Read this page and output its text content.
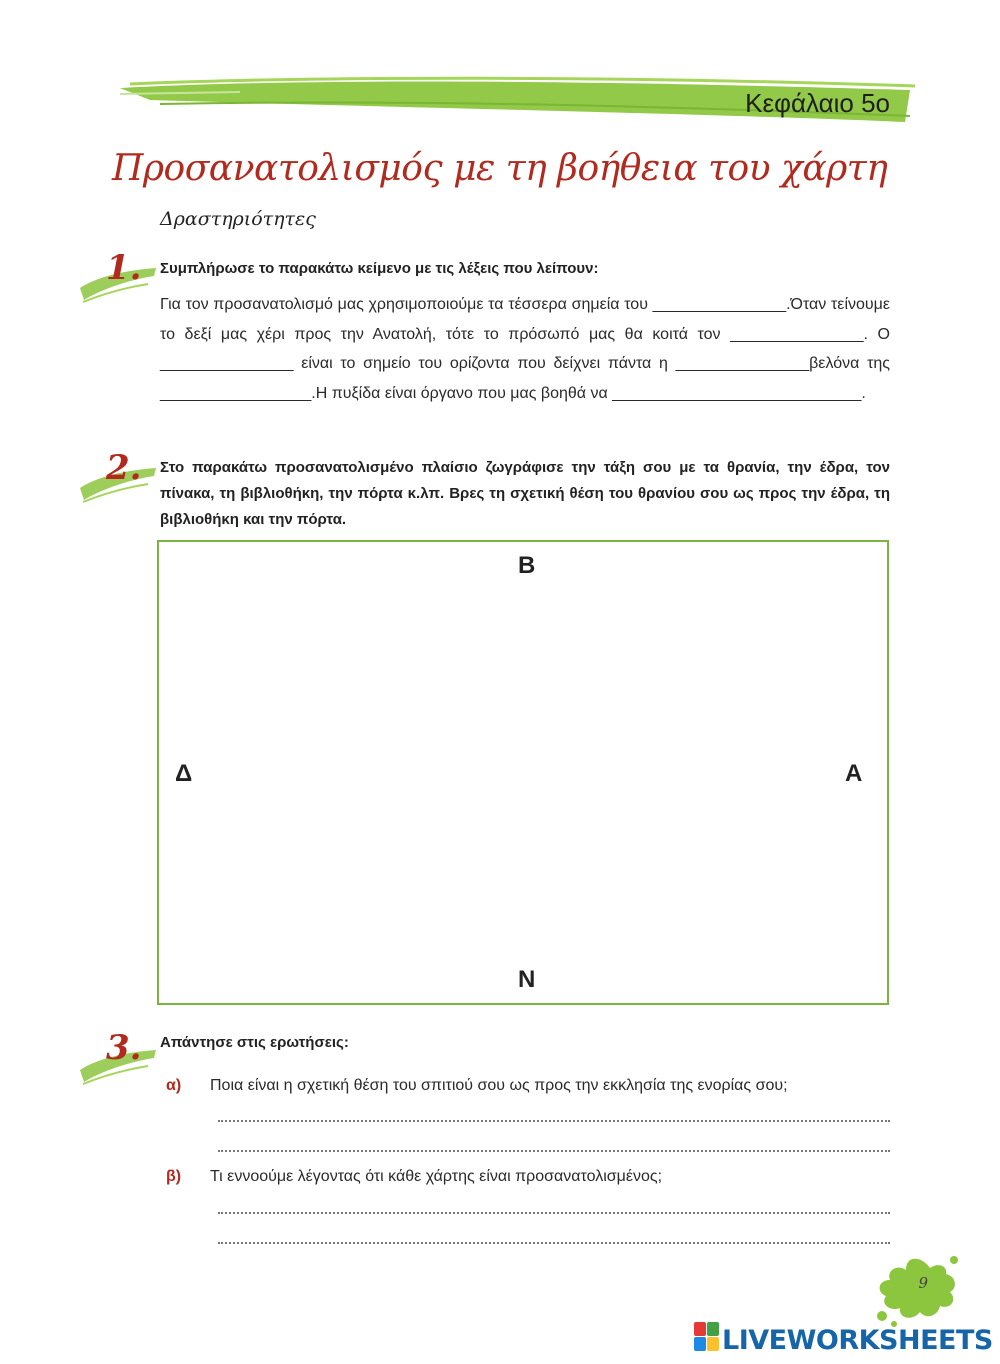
Κεφάλαιο 5ο
Προσανατολισμός με τη βοήθεια του χάρτη
Δραστηριότητες
1. Συμπλήρωσε το παρακάτω κείμενο με τις λέξεις που λείπουν:
Για τον προσανατολισμό μας χρησιμοποιούμε τα τέσσερα σημεία του _______________.Όταν τείνουμε το δεξί μας χέρι προς την Ανατολή, τότε το πρόσωπό μας θα κοιτά τον _______________. Ο _______________ είναι το σημείο του ορίζοντα που δείχνει πάντα η _______________βελόνα της _________________.Η πυξίδα είναι όργανο που μας βοηθά να ____________________________.
2. Στο παρακάτω προσανατολισμένο πλαίσιο ζωγράφισε την τάξη σου με τα θρανία, την έδρα, τον πίνακα, τη βιβλιοθήκη, την πόρτα κ.λπ. Βρες τη σχετική θέση του θρανίου σου ως προς την έδρα, τη βιβλιοθήκη και την πόρτα.
Β
Ν
Α
Δ
3. Απάντησε στις ερωτήσεις:
α) Ποια είναι η σχετική θέση του σπιτιού σου ως προς την εκκλησία της ενορίας σου;
β) Τι εννοούμε λέγοντας ότι κάθε χάρτης είναι προσανατολισμένος;
9
LIVEWORKSHEETS
